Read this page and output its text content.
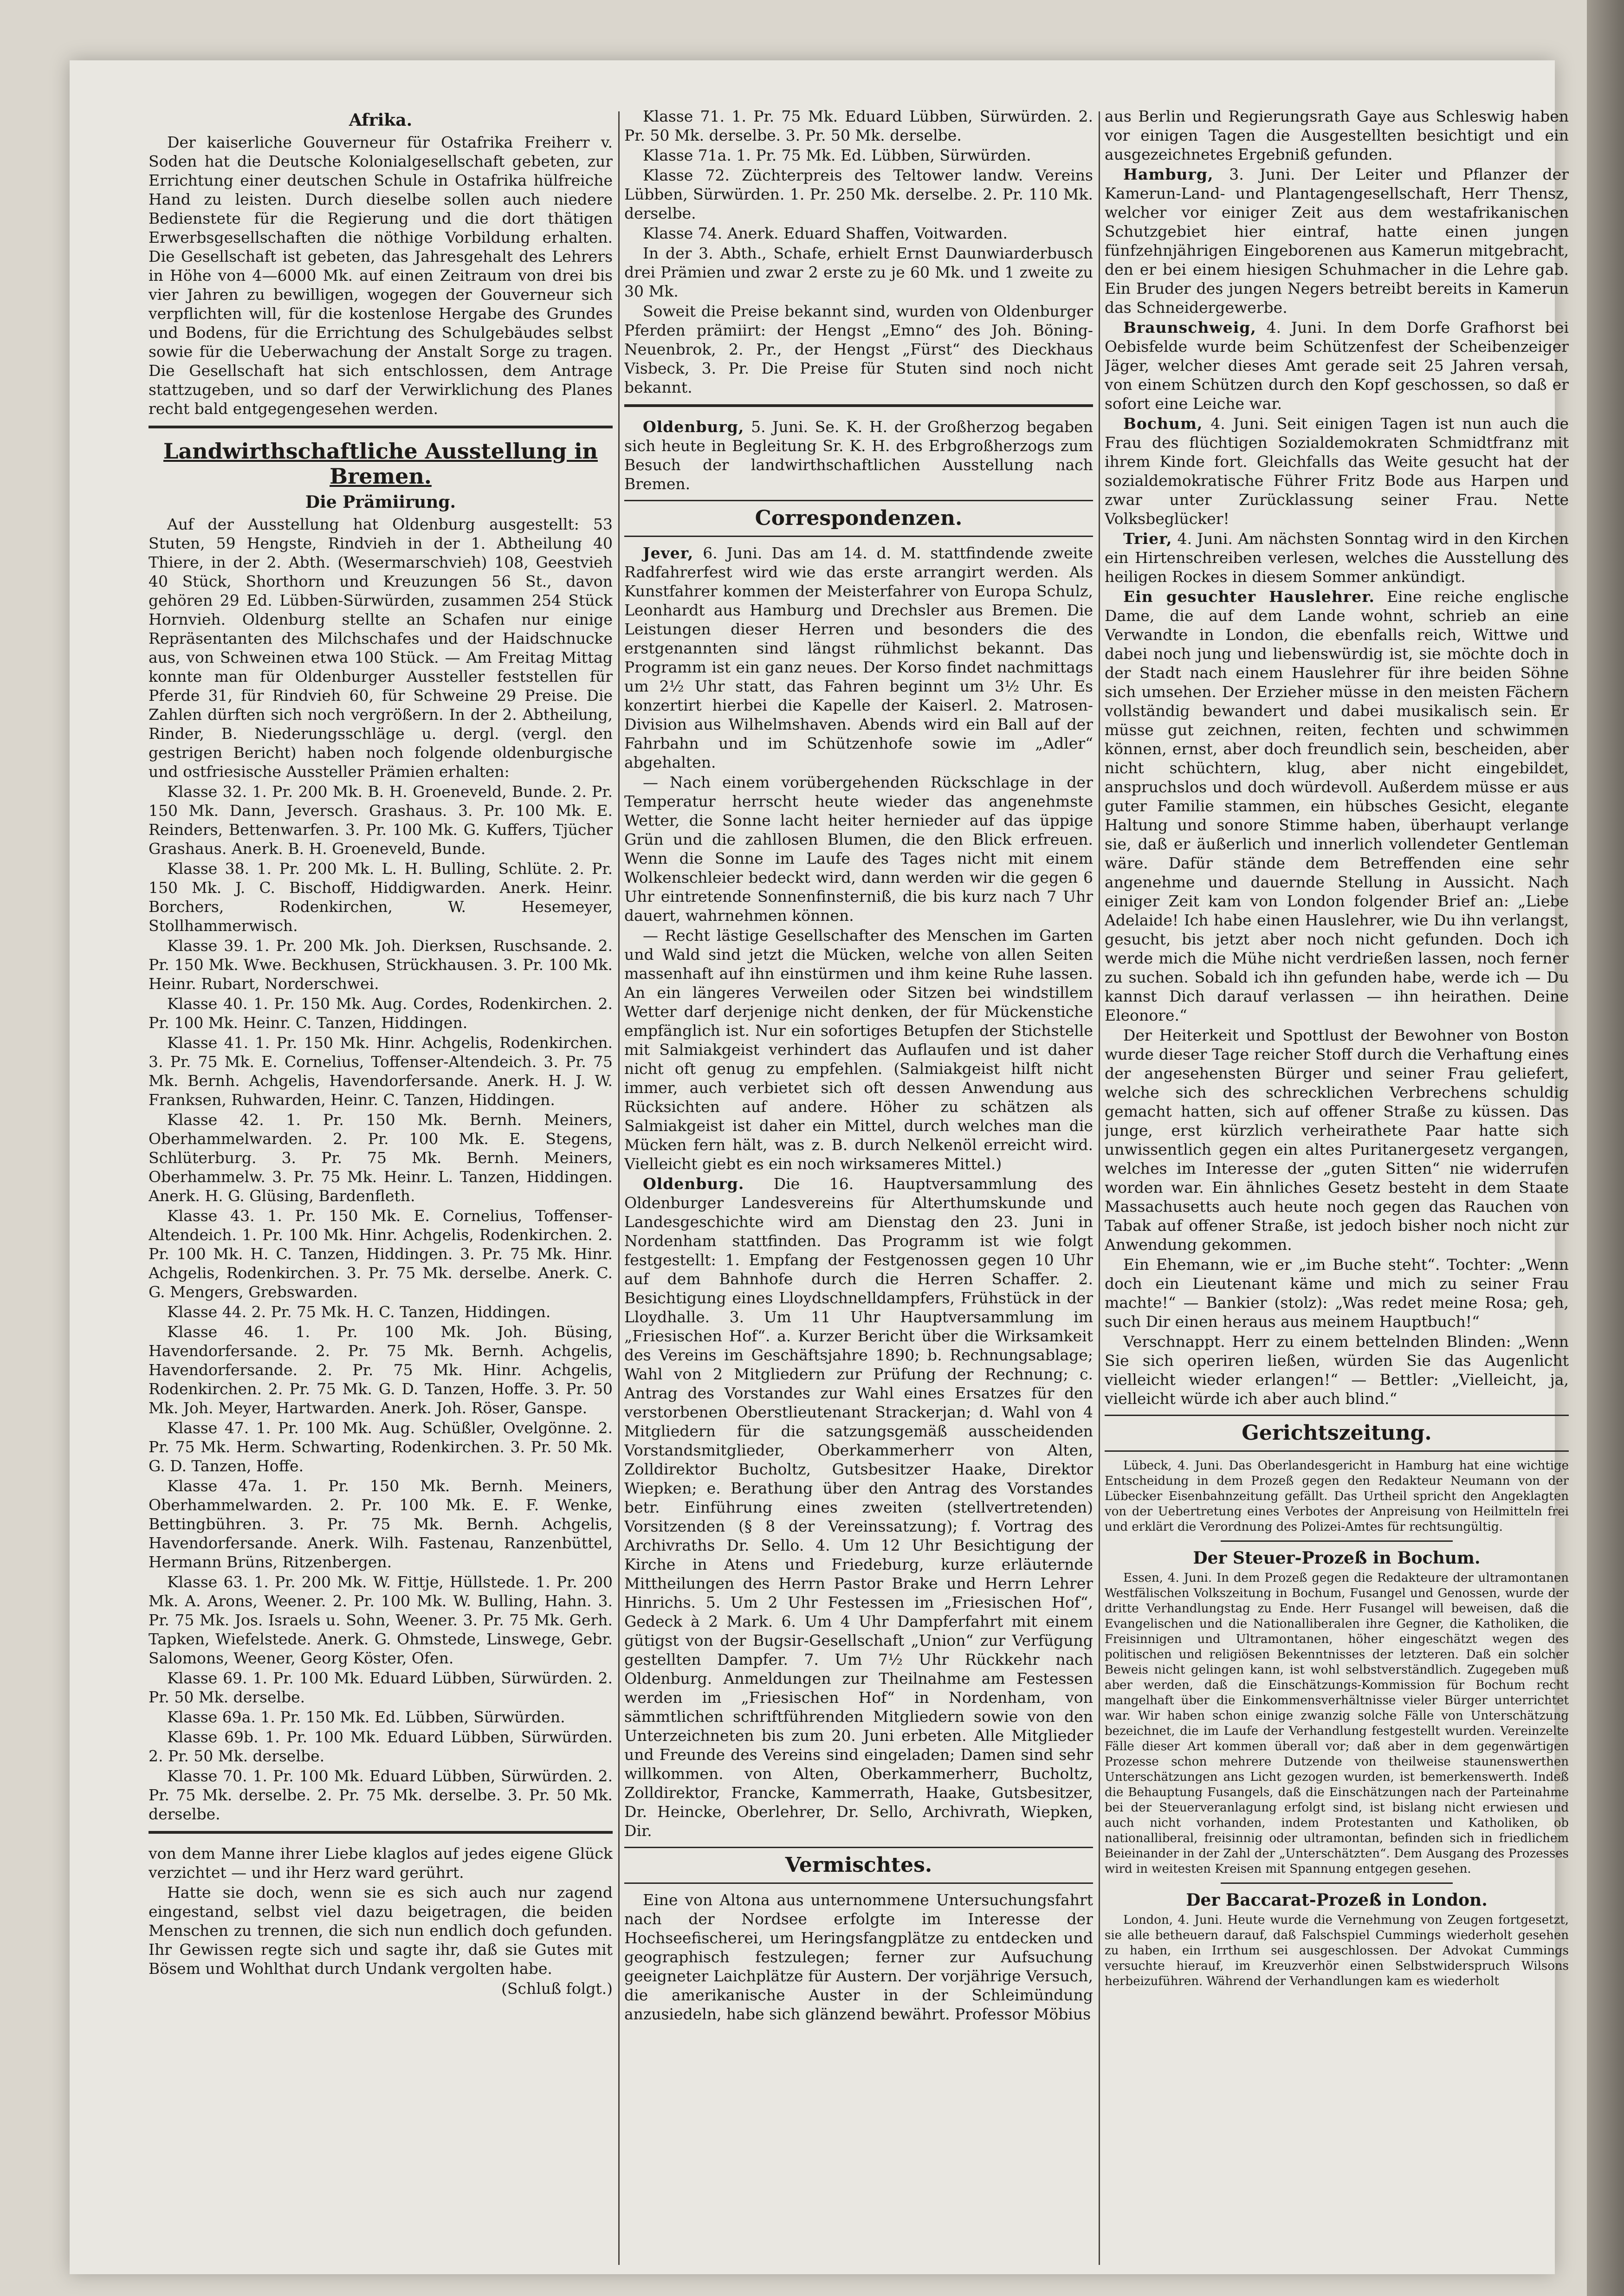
Afrika.

Der kaiserliche Gouverneur für Ostafrika Freiherr v. Soden hat die Deutsche Kolonialgesellschaft gebeten, zur Errichtung einer deutschen Schule in Ostafrika hülfreiche Hand zu leisten. Durch dieselbe sollen auch niedere Bedienstete für die Regierung und die dort thätigen Erwerbsgesellschaften die nöthige Vorbildung erhalten. Die Gesellschaft ist gebeten, das Jahresgehalt des Lehrers in Höhe von 4—6000 Mk. auf einen Zeitraum von drei bis vier Jahren zu bewilligen, wogegen der Gouverneur sich verpflichten will, für die kostenlose Hergabe des Grundes und Bodens, für die Errichtung des Schulgebäudes selbst sowie für die Ueberwachung der Anstalt Sorge zu tragen. Die Gesellschaft hat sich entschlossen, dem Antrage stattzugeben, und so darf der Verwirklichung des Planes recht bald entgegengesehen werden.

Landwirthschaftliche Ausstellung in Bremen.
Die Prämiirung.

Auf der Ausstellung hat Oldenburg ausgestellt: 53 Stuten, 59 Hengste, Rindvieh in der 1. Abtheilung 40 Thiere, in der 2. Abth. (Wesermarschvieh) 108, Geestvieh 40 Stück, Shorthorn und Kreuzungen 56 St., davon gehören 29 Ed. Lübben-Sürwürden, zusammen 254 Stück Hornvieh. Oldenburg stellte an Schafen nur einige Repräsentanten des Milchschafes und der Haidschnucke aus, von Schweinen etwa 100 Stück. — Am Freitag Mittag konnte man für Oldenburger Aussteller feststellen für Pferde 31, für Rindvieh 60, für Schweine 29 Preise. Die Zahlen dürften sich noch vergrößern. In der 2. Abtheilung, Rinder, B. Niederungsschläge u. dergl. (vergl. den gestrigen Bericht) haben noch folgende oldenburgische und ostfriesische Aussteller Prämien erhalten:

Klasse 32. 1. Pr. 200 Mk. B. H. Groeneveld, Bunde. 2. Pr. 150 Mk. Dann, Jeversch. Grashaus. 3. Pr. 100 Mk. E. Reinders, Bettenwarfen. 3. Pr. 100 Mk. G. Kuffers, Tjücher Grashaus. Anerk. B. H. Groeneveld, Bunde.

Klasse 38. 1. Pr. 200 Mk. L. H. Bulling, Schlüte. 2. Pr. 150 Mk. J. C. Bischoff, Hiddigwarden. Anerk. Heinr. Borchers, Rodenkirchen, W. Hesemeyer, Stollhammerwisch.

Klasse 39. 1. Pr. 200 Mk. Joh. Dierksen, Ruschsande. 2. Pr. 150 Mk. Wwe. Beckhusen, Strückhausen. 3. Pr. 100 Mk. Heinr. Rubart, Norderschwei.

Klasse 40. 1. Pr. 150 Mk. Aug. Cordes, Rodenkirchen. 2. Pr. 100 Mk. Heinr. C. Tanzen, Hiddingen.

Klasse 41. 1. Pr. 150 Mk. Hinr. Achgelis, Rodenkirchen. 3. Pr. 75 Mk. E. Cornelius, Toffenser-Altendeich. 3. Pr. 75 Mk. Bernh. Achgelis, Havendorfersande. Anerk. H. J. W. Franksen, Ruhwarden, Heinr. C. Tanzen, Hiddingen.

Klasse 42. 1. Pr. 150 Mk. Bernh. Meiners, Oberhammelwarden. 2. Pr. 100 Mk. E. Stegens, Schlüterburg. 3. Pr. 75 Mk. Bernh. Meiners, Oberhammelw. 3. Pr. 75 Mk. Heinr. L. Tanzen, Hiddingen. Anerk. H. G. Glüsing, Bardenfleth.

Klasse 43. 1. Pr. 150 Mk. E. Cornelius, Toffenser-Altendeich. 1. Pr. 100 Mk. Hinr. Achgelis, Rodenkirchen. 2. Pr. 100 Mk. H. C. Tanzen, Hiddingen. 3. Pr. 75 Mk. Hinr. Achgelis, Rodenkirchen. 3. Pr. 75 Mk. derselbe. Anerk. C. G. Mengers, Grebswarden.

Klasse 44. 2. Pr. 75 Mk. H. C. Tanzen, Hiddingen.

Klasse 46. 1. Pr. 100 Mk. Joh. Büsing, Havendorfersande. 2. Pr. 75 Mk. Bernh. Achgelis, Havendorfersande. 2. Pr. 75 Mk. Hinr. Achgelis, Rodenkirchen. 2. Pr. 75 Mk. G. D. Tanzen, Hoffe. 3. Pr. 50 Mk. Joh. Meyer, Hartwarden. Anerk. Joh. Röser, Ganspe.

Klasse 47. 1. Pr. 100 Mk. Aug. Schüßler, Ovelgönne. 2. Pr. 75 Mk. Herm. Schwarting, Rodenkirchen. 3. Pr. 50 Mk. G. D. Tanzen, Hoffe.

Klasse 47a. 1. Pr. 150 Mk. Bernh. Meiners, Oberhammelwarden. 2. Pr. 100 Mk. E. F. Wenke, Bettingbühren. 3. Pr. 75 Mk. Bernh. Achgelis, Havendorfersande. Anerk. Wilh. Fastenau, Ranzenbüttel, Hermann Brüns, Ritzenbergen.

Klasse 63. 1. Pr. 200 Mk. W. Fittje, Hüllstede. 1. Pr. 200 Mk. A. Arons, Weener. 2. Pr. 100 Mk. W. Bulling, Hahn. 3. Pr. 75 Mk. Jos. Israels u. Sohn, Weener. 3. Pr. 75 Mk. Gerh. Tapken, Wiefelstede. Anerk. G. Ohmstede, Linswege, Gebr. Salomons, Weener, Georg Köster, Ofen.

Klasse 69. 1. Pr. 100 Mk. Eduard Lübben, Sürwürden. 2. Pr. 50 Mk. derselbe.

Klasse 69a. 1. Pr. 150 Mk. Ed. Lübben, Sürwürden.

Klasse 69b. 1. Pr. 100 Mk. Eduard Lübben, Sürwürden. 2. Pr. 50 Mk. derselbe.

Klasse 70. 1. Pr. 100 Mk. Eduard Lübben, Sürwürden. 2. Pr. 75 Mk. derselbe. 2. Pr. 75 Mk. derselbe. 3. Pr. 50 Mk. derselbe.

von dem Manne ihrer Liebe klaglos auf jedes eigene Glück verzichtet — und ihr Herz ward gerührt.

Hatte sie doch, wenn sie es sich auch nur zagend eingestand, selbst viel dazu beigetragen, die beiden Menschen zu trennen, die sich nun endlich doch gefunden. Ihr Gewissen regte sich und sagte ihr, daß sie Gutes mit Bösem und Wohlthat durch Undank vergolten habe.

(Schluß folgt.)

Klasse 71. 1. Pr. 75 Mk. Eduard Lübben, Sürwürden. 2. Pr. 50 Mk. derselbe. 3. Pr. 50 Mk. derselbe.

Klasse 71a. 1. Pr. 75 Mk. Ed. Lübben, Sürwürden.

Klasse 72. Züchterpreis des Teltower landw. Vereins Lübben, Sürwürden. 1. Pr. 250 Mk. derselbe. 2. Pr. 110 Mk. derselbe.

Klasse 74. Anerk. Eduard Shaffen, Voitwarden.

In der 3. Abth., Schafe, erhielt Ernst Daunwiarderbusch drei Prämien und zwar 2 erste zu je 60 Mk. und 1 zweite zu 30 Mk.

Soweit die Preise bekannt sind, wurden von Oldenburger Pferden prämiirt: der Hengst „Emno“ des Joh. Böning-Neuenbrok, 2. Pr., der Hengst „Fürst“ des Dieckhaus Visbeck, 3. Pr. Die Preise für Stuten sind noch nicht bekannt.

Oldenburg, 5. Juni. Se. K. H. der Großherzog begaben sich heute in Begleitung Sr. K. H. des Erbgroßherzogs zum Besuch der landwirthschaftlichen Ausstellung nach Bremen.

Correspondenzen.

Jever, 6. Juni. Das am 14. d. M. stattfindende zweite Radfahrerfest wird wie das erste arrangirt werden. Als Kunstfahrer kommen der Meisterfahrer von Europa Schulz, Leonhardt aus Hamburg und Drechsler aus Bremen. Die Leistungen dieser Herren und besonders die des erstgenannten sind längst rühmlichst bekannt. Das Programm ist ein ganz neues. Der Korso findet nachmittags um 2½ Uhr statt, das Fahren beginnt um 3½ Uhr. Es konzertirt hierbei die Kapelle der Kaiserl. 2. Matrosen-Division aus Wilhelmshaven. Abends wird ein Ball auf der Fahrbahn und im Schützenhofe sowie im „Adler“ abgehalten.

— Nach einem vorübergehenden Rückschlage in der Temperatur herrscht heute wieder das angenehmste Wetter, die Sonne lacht heiter hernieder auf das üppige Grün und die zahllosen Blumen, die den Blick erfreuen. Wenn die Sonne im Laufe des Tages nicht mit einem Wolkenschleier bedeckt wird, dann werden wir die gegen 6 Uhr eintretende Sonnenfinsterniß, die bis kurz nach 7 Uhr dauert, wahrnehmen können.

— Recht lästige Gesellschafter des Menschen im Garten und Wald sind jetzt die Mücken, welche von allen Seiten massenhaft auf ihn einstürmen und ihm keine Ruhe lassen. An ein längeres Verweilen oder Sitzen bei windstillem Wetter darf derjenige nicht denken, der für Mückenstiche empfänglich ist. Nur ein sofortiges Betupfen der Stichstelle mit Salmiakgeist verhindert das Auflaufen und ist daher nicht oft genug zu empfehlen. (Salmiakgeist hilft nicht immer, auch verbietet sich oft dessen Anwendung aus Rücksichten auf andere. Höher zu schätzen als Salmiakgeist ist daher ein Mittel, durch welches man die Mücken fern hält, was z. B. durch Nelkenöl erreicht wird. Vielleicht giebt es ein noch wirksameres Mittel.)

Oldenburg. Die 16. Hauptversammlung des Oldenburger Landesvereins für Alterthumskunde und Landesgeschichte wird am Dienstag den 23. Juni in Nordenham stattfinden. Das Programm ist wie folgt festgestellt: 1. Empfang der Festgenossen gegen 10 Uhr auf dem Bahnhofe durch die Herren Schaffer. 2. Besichtigung eines Lloydschnelldampfers, Frühstück in der Lloydhalle. 3. Um 11 Uhr Hauptversammlung im „Friesischen Hof“. a. Kurzer Bericht über die Wirksamkeit des Vereins im Geschäftsjahre 1890; b. Rechnungsablage; Wahl von 2 Mitgliedern zur Prüfung der Rechnung; c. Antrag des Vorstandes zur Wahl eines Ersatzes für den verstorbenen Oberstlieutenant Strackerjan; d. Wahl von 4 Mitgliedern für die satzungsgemäß ausscheidenden Vorstandsmitglieder, Oberkammerherr von Alten, Zolldirektor Bucholtz, Gutsbesitzer Haake, Direktor Wiepken; e. Berathung über den Antrag des Vorstandes betr. Einführung eines zweiten (stellvertretenden) Vorsitzenden (§ 8 der Vereinssatzung); f. Vortrag des Archivraths Dr. Sello. 4. Um 12 Uhr Besichtigung der Kirche in Atens und Friedeburg, kurze erläuternde Mittheilungen des Herrn Pastor Brake und Herrn Lehrer Hinrichs. 5. Um 2 Uhr Festessen im „Friesischen Hof“, Gedeck à 2 Mark. 6. Um 4 Uhr Dampferfahrt mit einem gütigst von der Bugsir-Gesellschaft „Union“ zur Verfügung gestellten Dampfer. 7. Um 7½ Uhr Rückkehr nach Oldenburg. Anmeldungen zur Theilnahme am Festessen werden im „Friesischen Hof“ in Nordenham, von sämmtlichen schriftführenden Mitgliedern sowie von den Unterzeichneten bis zum 20. Juni erbeten. Alle Mitglieder und Freunde des Vereins sind eingeladen; Damen sind sehr willkommen. von Alten, Oberkammerherr, Bucholtz, Zolldirektor, Francke, Kammerrath, Haake, Gutsbesitzer, Dr. Heincke, Oberlehrer, Dr. Sello, Archivrath, Wiepken, Dir.

Vermischtes.

Eine von Altona aus unternommene Untersuchungsfahrt nach der Nordsee erfolgte im Interesse der Hochseefischerei, um Heringsfangplätze zu entdecken und geographisch festzulegen; ferner zur Aufsuchung geeigneter Laichplätze für Austern. Der vorjährige Versuch, die amerikanische Auster in der Schleimündung anzusiedeln, habe sich glänzend bewährt. Professor Möbius

aus Berlin und Regierungsrath Gaye aus Schleswig haben vor einigen Tagen die Ausgestellten besichtigt und ein ausgezeichnetes Ergebniß gefunden.

Hamburg, 3. Juni. Der Leiter und Pflanzer der Kamerun-Land- und Plantagengesellschaft, Herr Thensz, welcher vor einiger Zeit aus dem westafrikanischen Schutzgebiet hier eintraf, hatte einen jungen fünfzehnjährigen Eingeborenen aus Kamerun mitgebracht, den er bei einem hiesigen Schuhmacher in die Lehre gab. Ein Bruder des jungen Negers betreibt bereits in Kamerun das Schneidergewerbe.

Braunschweig, 4. Juni. In dem Dorfe Grafhorst bei Oebisfelde wurde beim Schützenfest der Scheibenzeiger Jäger, welcher dieses Amt gerade seit 25 Jahren versah, von einem Schützen durch den Kopf geschossen, so daß er sofort eine Leiche war.

Bochum, 4. Juni. Seit einigen Tagen ist nun auch die Frau des flüchtigen Sozialdemokraten Schmidtfranz mit ihrem Kinde fort. Gleichfalls das Weite gesucht hat der sozialdemokratische Führer Fritz Bode aus Harpen und zwar unter Zurücklassung seiner Frau. Nette Volksbeglücker!

Trier, 4. Juni. Am nächsten Sonntag wird in den Kirchen ein Hirtenschreiben verlesen, welches die Ausstellung des heiligen Rockes in diesem Sommer ankündigt.

Ein gesuchter Hauslehrer. Eine reiche englische Dame, die auf dem Lande wohnt, schrieb an eine Verwandte in London, die ebenfalls reich, Wittwe und dabei noch jung und liebenswürdig ist, sie möchte doch in der Stadt nach einem Hauslehrer für ihre beiden Söhne sich umsehen. Der Erzieher müsse in den meisten Fächern vollständig bewandert und dabei musikalisch sein. Er müsse gut zeichnen, reiten, fechten und schwimmen können, ernst, aber doch freundlich sein, bescheiden, aber nicht schüchtern, klug, aber nicht eingebildet, anspruchslos und doch würdevoll. Außerdem müsse er aus guter Familie stammen, ein hübsches Gesicht, elegante Haltung und sonore Stimme haben, überhaupt verlange sie, daß er äußerlich und innerlich vollendeter Gentleman wäre. Dafür stände dem Betreffenden eine sehr angenehme und dauernde Stellung in Aussicht. Nach einiger Zeit kam von London folgender Brief an: „Liebe Adelaide! Ich habe einen Hauslehrer, wie Du ihn verlangst, gesucht, bis jetzt aber noch nicht gefunden. Doch ich werde mich die Mühe nicht verdrießen lassen, noch ferner zu suchen. Sobald ich ihn gefunden habe, werde ich — Du kannst Dich darauf verlassen — ihn heirathen. Deine Eleonore.“

Der Heiterkeit und Spottlust der Bewohner von Boston wurde dieser Tage reicher Stoff durch die Verhaftung eines der angesehensten Bürger und seiner Frau geliefert, welche sich des schrecklichen Verbrechens schuldig gemacht hatten, sich auf offener Straße zu küssen. Das junge, erst kürzlich verheirathete Paar hatte sich unwissentlich gegen ein altes Puritanergesetz vergangen, welches im Interesse der „guten Sitten“ nie widerrufen worden war. Ein ähnliches Gesetz besteht in dem Staate Massachusetts auch heute noch gegen das Rauchen von Tabak auf offener Straße, ist jedoch bisher noch nicht zur Anwendung gekommen.

Ein Ehemann, wie er „im Buche steht“. Tochter: „Wenn doch ein Lieutenant käme und mich zu seiner Frau machte!“ — Bankier (stolz): „Was redet meine Rosa; geh, such Dir einen heraus aus meinem Hauptbuch!“

Verschnappt. Herr zu einem bettelnden Blinden: „Wenn Sie sich operiren ließen, würden Sie das Augenlicht vielleicht wieder erlangen!“ — Bettler: „Vielleicht, ja, vielleicht würde ich aber auch blind.“

Gerichtszeitung.

Lübeck, 4. Juni. Das Oberlandesgericht in Hamburg hat eine wichtige Entscheidung in dem Prozeß gegen den Redakteur Neumann von der Lübecker Eisenbahnzeitung gefällt. Das Urtheil spricht den Angeklagten von der Uebertretung eines Verbotes der Anpreisung von Heilmitteln frei und erklärt die Verordnung des Polizei-Amtes für rechtsungültig.

Der Steuer-Prozeß in Bochum.

Essen, 4. Juni. In dem Prozeß gegen die Redakteure der ultramontanen Westfälischen Volkszeitung in Bochum, Fusangel und Genossen, wurde der dritte Verhandlungstag zu Ende. Herr Fusangel will beweisen, daß die Evangelischen und die Nationalliberalen ihre Gegner, die Katholiken, die Freisinnigen und Ultramontanen, höher eingeschätzt wegen des politischen und religiösen Bekenntnisses der letzteren. Daß ein solcher Beweis nicht gelingen kann, ist wohl selbstverständlich. Zugegeben muß aber werden, daß die Einschätzungs-Kommission für Bochum recht mangelhaft über die Einkommensverhältnisse vieler Bürger unterrichtet war. Wir haben schon einige zwanzig solche Fälle von Unterschätzung bezeichnet, die im Laufe der Verhandlung festgestellt wurden. Vereinzelte Fälle dieser Art kommen überall vor; daß aber in dem gegenwärtigen Prozesse schon mehrere Dutzende von theilweise staunenswerthen Unterschätzungen ans Licht gezogen wurden, ist bemerkenswerth. Indeß die Behauptung Fusangels, daß die Einschätzungen nach der Parteinahme bei der Steuerveranlagung erfolgt sind, ist bislang nicht erwiesen und auch nicht vorhanden, indem Protestanten und Katholiken, ob nationalliberal, freisinnig oder ultramontan, befinden sich in friedlichem Beieinander in der Zahl der „Unterschätzten“. Dem Ausgang des Prozesses wird in weitesten Kreisen mit Spannung entgegen gesehen.

Der Baccarat-Prozeß in London.

London, 4. Juni. Heute wurde die Vernehmung von Zeugen fortgesetzt, sie alle betheuern darauf, daß Falschspiel Cummings wiederholt gesehen zu haben, ein Irrthum sei ausgeschlossen. Der Advokat Cummings versuchte hierauf, im Kreuzverhör einen Selbstwiderspruch Wilsons herbeizuführen. Während der Verhandlungen kam es wiederholt
